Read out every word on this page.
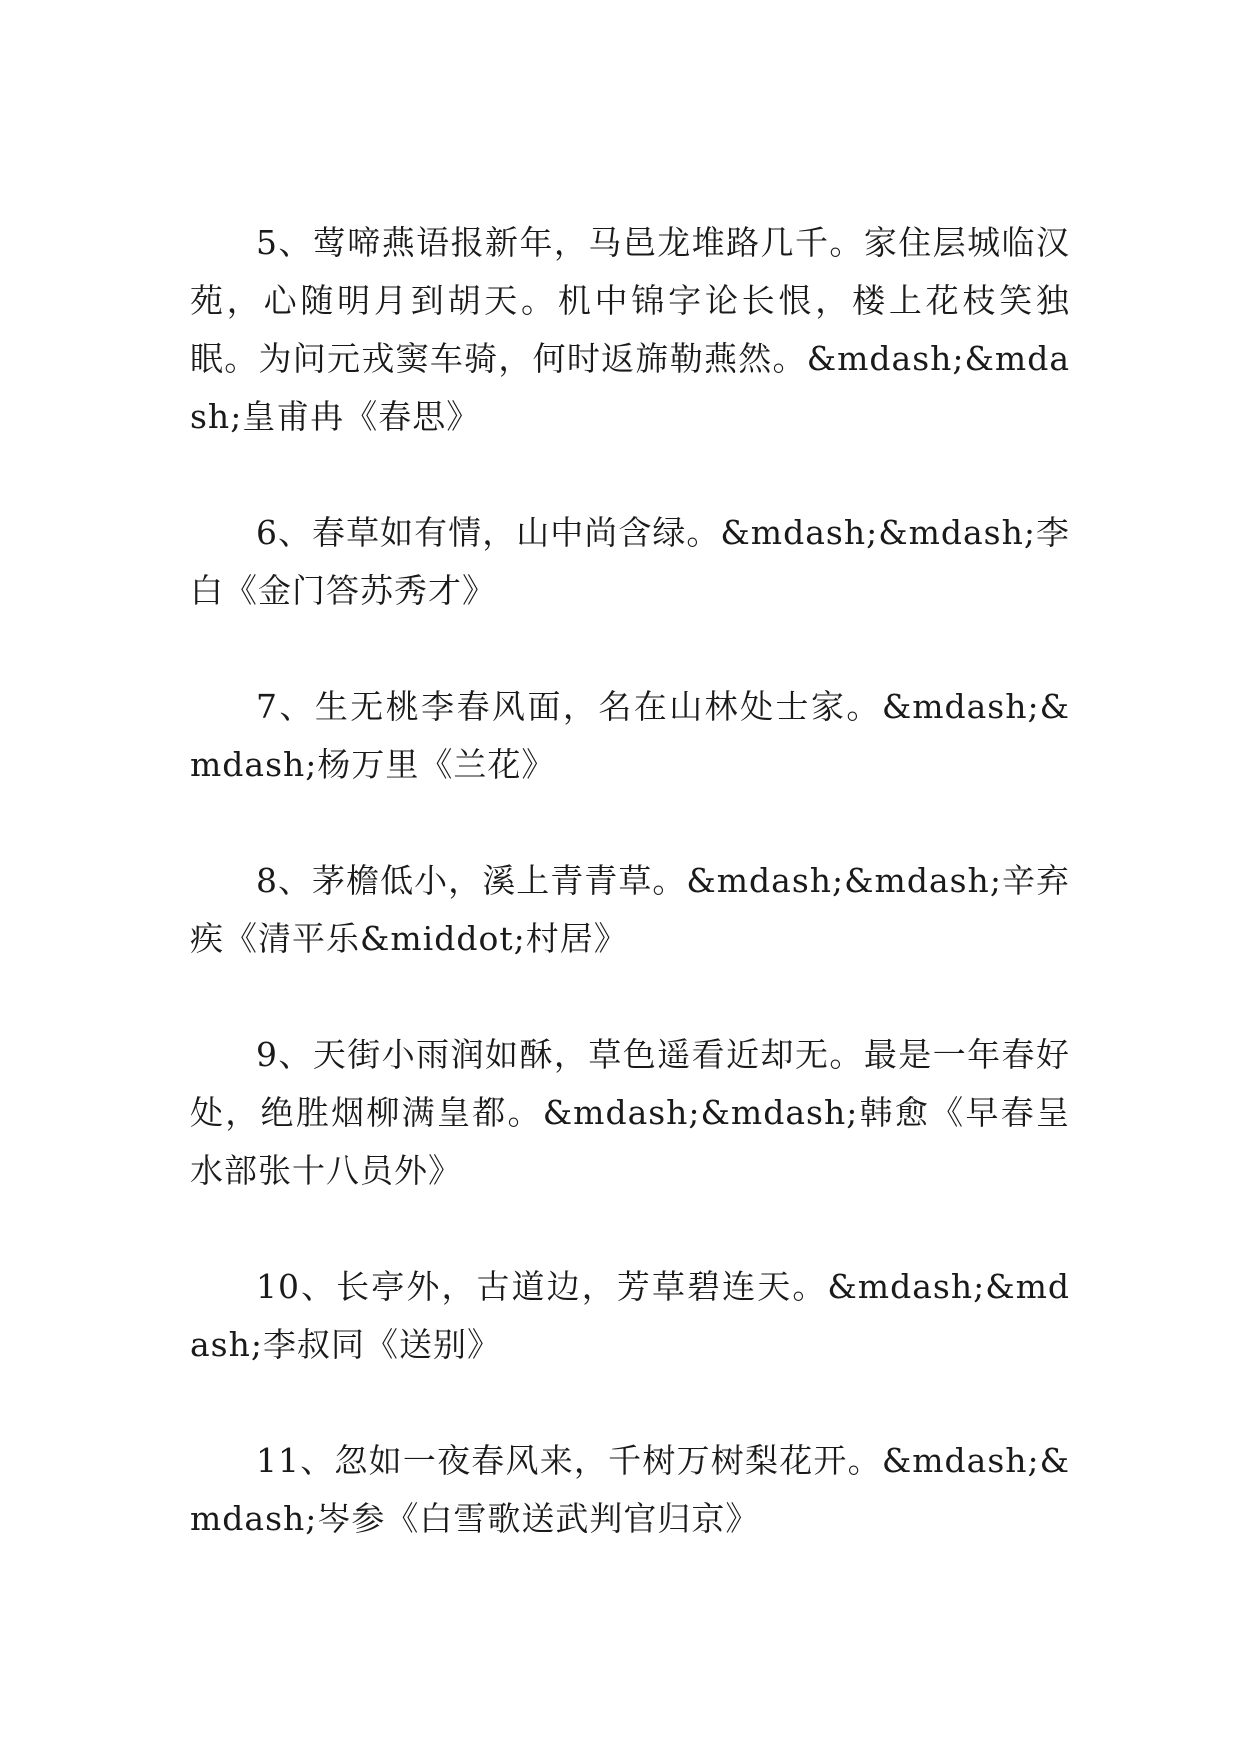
5、莺啼燕语报新年，马邑龙堆路几千。家住层城临汉苑，心随明月到胡天。机中锦字论长恨，楼上花枝笑独眠。为问元戎窦车骑，何时返旆勒燕然。&mdash;&mdash;皇甫冉《春思》

6、春草如有情，山中尚含绿。&mdash;&mdash;李白《金门答苏秀才》

7、生无桃李春风面，名在山林处士家。&mdash;&mdash;杨万里《兰花》

8、茅檐低小，溪上青青草。&mdash;&mdash;辛弃疾《清平乐&middot;村居》

9、天街小雨润如酥，草色遥看近却无。最是一年春好处，绝胜烟柳满皇都。&mdash;&mdash;韩愈《早春呈水部张十八员外》

10、长亭外，古道边，芳草碧连天。&mdash;&mdash;李叔同《送别》

11、忽如一夜春风来，千树万树梨花开。&mdash;&mdash;岑参《白雪歌送武判官归京》
